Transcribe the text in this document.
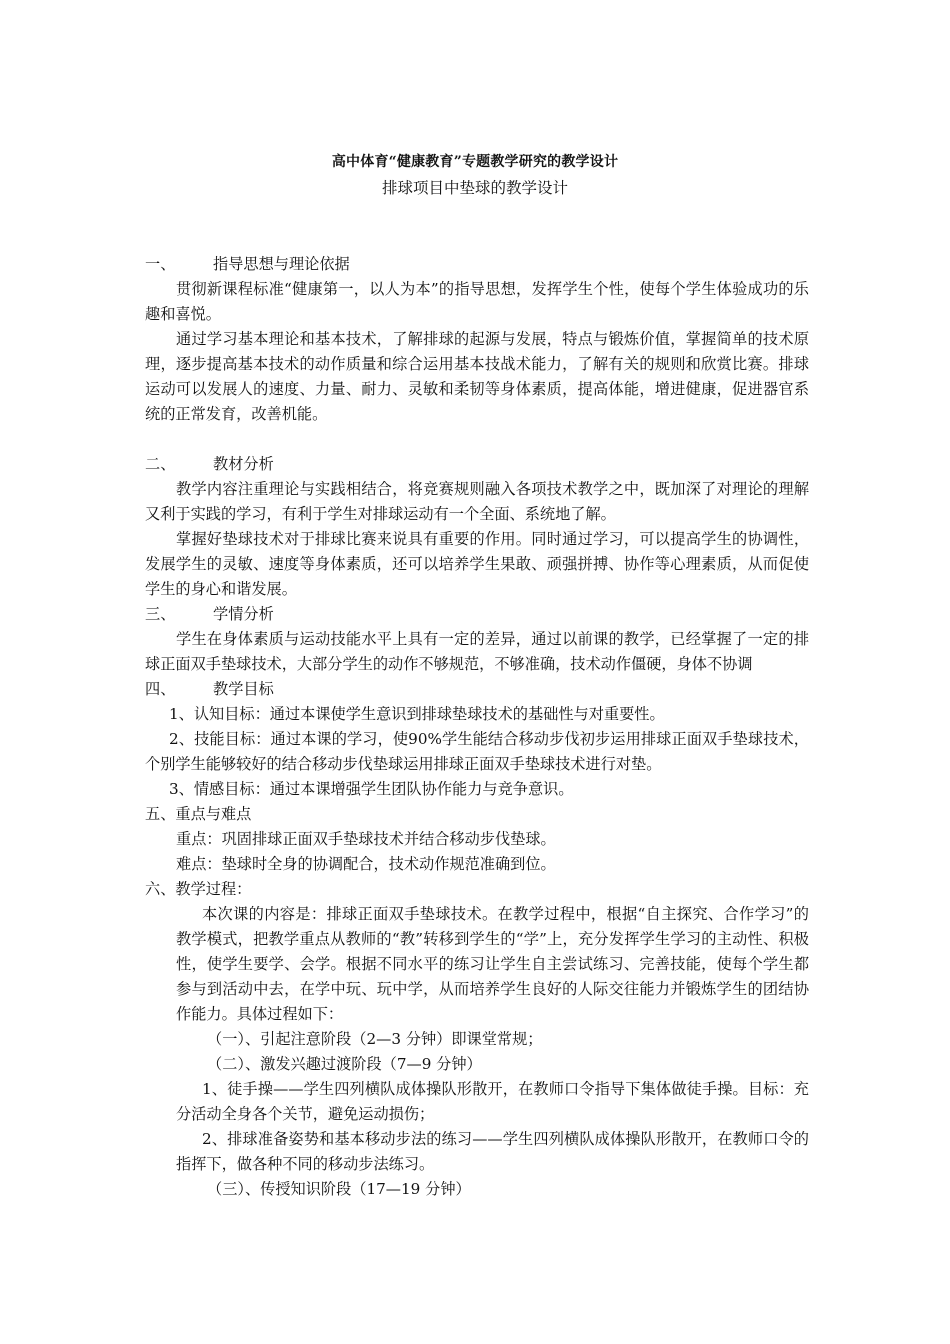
高中体育“健康教育”专题教学研究的教学设计
排球项目中垫球的教学设计
一、	指导思想与理论依据
贯彻新课程标准“健康第一，以人为本”的指导思想，发挥学生个性，使每个学生体验成功的乐趣和喜悦。
通过学习基本理论和基本技术，了解排球的起源与发展，特点与锻炼价值，掌握简单的技术原理，逐步提高基本技术的动作质量和综合运用基本技战术能力，了解有关的规则和欣赏比赛。排球运动可以发展人的速度、力量、耐力、灵敏和柔韧等身体素质，提高体能，增进健康，促进器官系统的正常发育，改善机能。
二、	教材分析
教学内容注重理论与实践相结合，将竞赛规则融入各项技术教学之中，既加深了对理论的理解又利于实践的学习，有利于学生对排球运动有一个全面、系统地了解。
掌握好垫球技术对于排球比赛来说具有重要的作用。同时通过学习，可以提高学生的协调性，发展学生的灵敏、速度等身体素质，还可以培养学生果敢、顽强拼搏、协作等心理素质，从而促使学生的身心和谐发展。
三、	学情分析
学生在身体素质与运动技能水平上具有一定的差异，通过以前课的教学，已经掌握了一定的排球正面双手垫球技术，大部分学生的动作不够规范，不够准确，技术动作僵硬，身体不协调
四、	教学目标
1、认知目标：通过本课使学生意识到排球垫球技术的基础性与对重要性。
2、技能目标：通过本课的学习，使90%学生能结合移动步伐初步运用排球正面双手垫球技术，个别学生能够较好的结合移动步伐垫球运用排球正面双手垫球技术进行对垫。
3、情感目标：通过本课增强学生团队协作能力与竞争意识。
五、重点与难点
重点：巩固排球正面双手垫球技术并结合移动步伐垫球。
难点：垫球时全身的协调配合，技术动作规范准确到位。
六、教学过程：
本次课的内容是：排球正面双手垫球技术。在教学过程中，根据“自主探究、合作学习”的教学模式，把教学重点从教师的“教”转移到学生的“学”上，充分发挥学生学习的主动性、积极性，使学生要学、会学。根据不同水平的练习让学生自主尝试练习、完善技能，使每个学生都参与到活动中去，在学中玩、玩中学，从而培养学生良好的人际交往能力并锻炼学生的团结协作能力。具体过程如下：
（一）、引起注意阶段（2—3 分钟）即课堂常规；
（二）、激发兴趣过渡阶段（7—9 分钟）
1、徒手操——学生四列横队成体操队形散开，在教师口令指导下集体做徒手操。目标：充分活动全身各个关节，避免运动损伤；
2、排球准备姿势和基本移动步法的练习——学生四列横队成体操队形散开，在教师口令的指挥下，做各种不同的移动步法练习。
（三）、传授知识阶段（17—19 分钟）
